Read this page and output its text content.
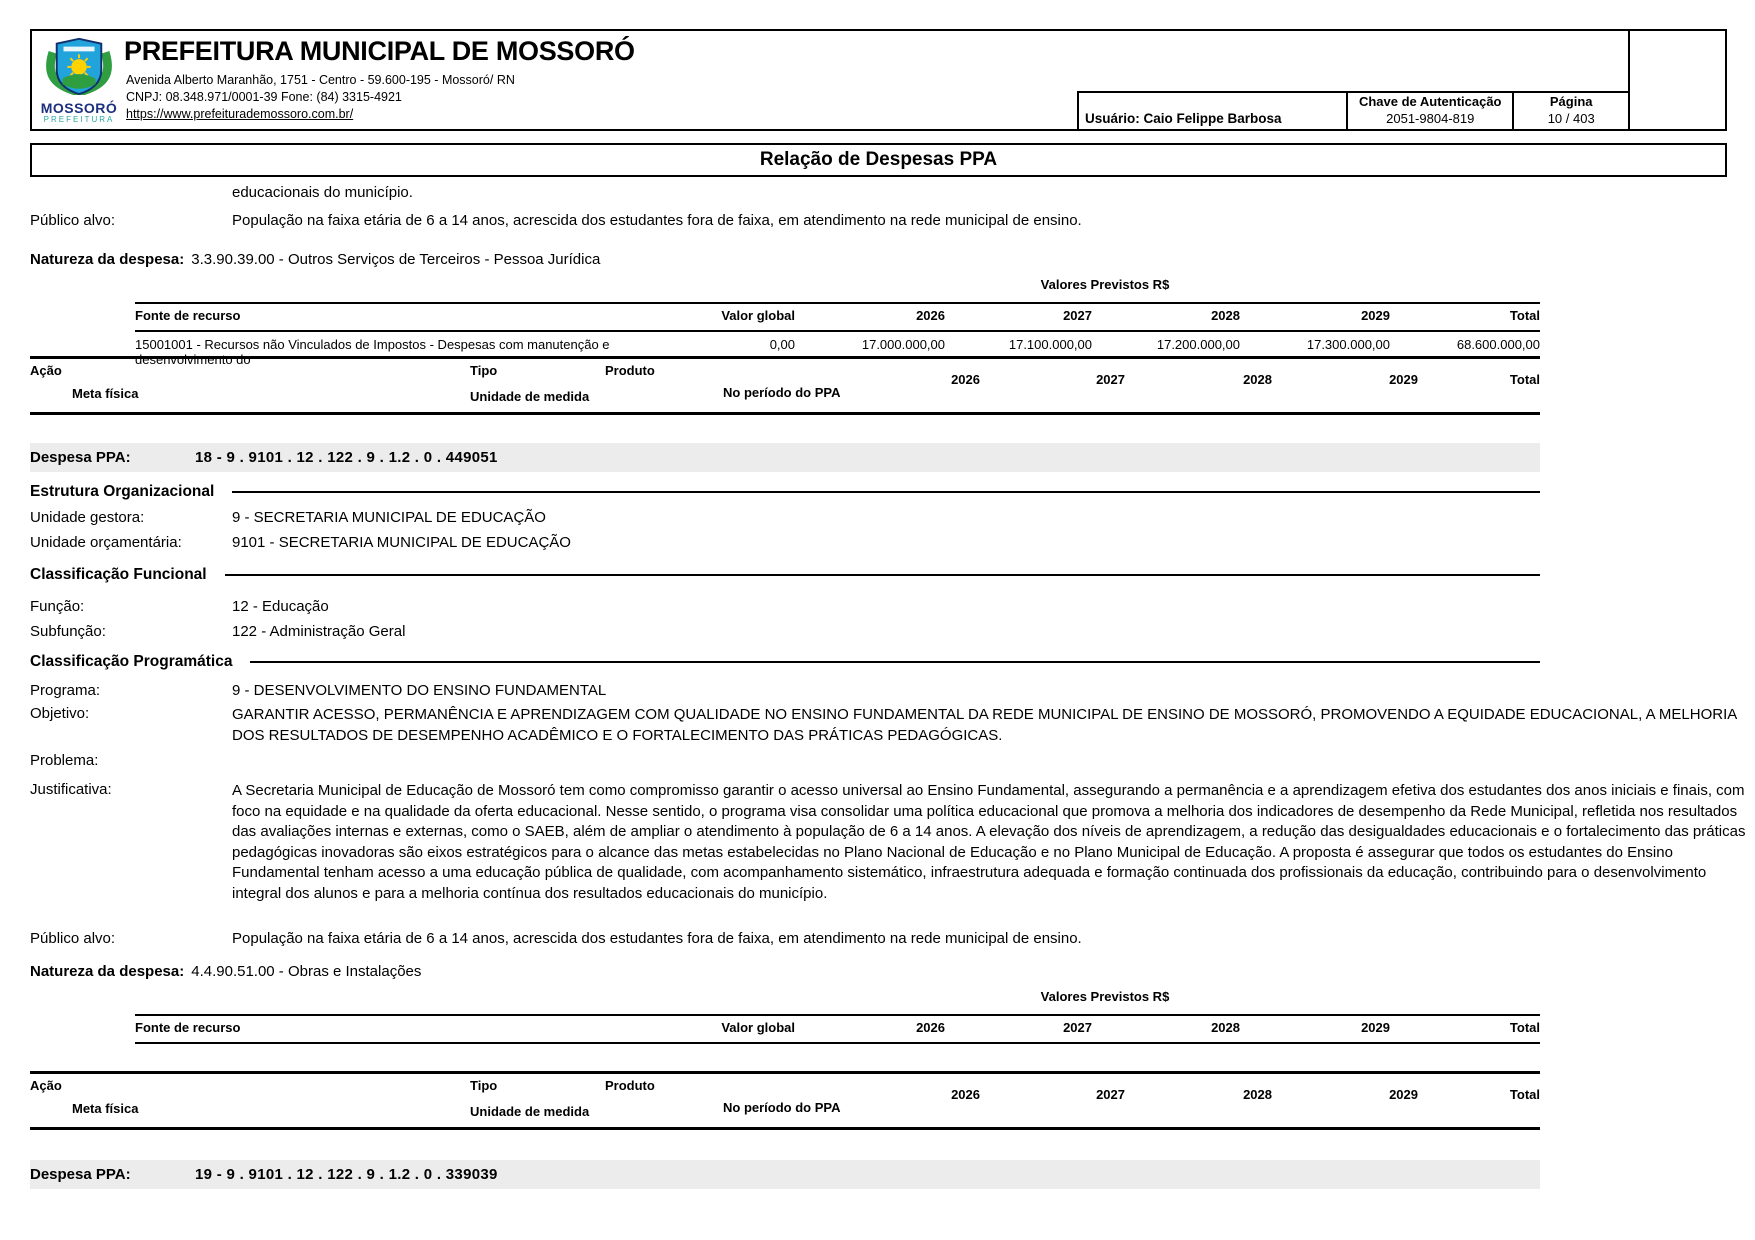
MOSSORÓ
PREFEITURA
PREFEITURA MUNICIPAL DE MOSSORÓ
Avenida Alberto Maranhão, 1751 - Centro - 59.600-195 - Mossoró/ RN
CNPJ: 08.348.971/0001-39 Fone: (84) 3315-4921
https://www.prefeiturademossoro.com.br/	Usuário: Caio Felippe Barbosa
Chave de Autenticação
2051-9804-819
Página
10 / 403
Relação de Despesas PPA
educacionais do município.
Público alvo:	População na faixa etária de 6 a 14 anos, acrescida dos estudantes fora de faixa, em atendimento na rede municipal de ensino.
Natureza da despesa: 3.3.90.39.00 - Outros Serviços de Terceiros - Pessoa Jurídica
Valores Previstos R$
Fonte de recurso	Valor global	2026	2027	2028	2029	Total
15001001 - Recursos não Vinculados de Impostos - Despesas com manutenção e desenvolvimento do
0,00	17.000.000,00	17.100.000,00	17.200.000,00	17.300.000,00	68.600.000,00
Ação	Tipo	Produto
2026	2027	2028	2029	Total
Meta física	Unidade de medida	No período do PPA
Despesa PPA:	18 - 9 . 9101 . 12 . 122 . 9 . 1.2 . 0 . 449051
Estrutura Organizacional
Unidade gestora:	9 - SECRETARIA MUNICIPAL DE EDUCAÇÃO
Unidade orçamentária:	9101 - SECRETARIA MUNICIPAL DE EDUCAÇÃO
Classificação Funcional
Função:	12 - Educação
Subfunção:	122 - Administração Geral
Classificação Programática
Programa:	9 - DESENVOLVIMENTO DO ENSINO FUNDAMENTAL
Objetivo:	GARANTIR ACESSO, PERMANÊNCIA E APRENDIZAGEM COM QUALIDADE NO ENSINO FUNDAMENTAL DA REDE MUNICIPAL DE ENSINO DE MOSSORÓ, PROMOVENDO A EQUIDADE EDUCACIONAL, A MELHORIA DOS RESULTADOS DE DESEMPENHO ACADÊMICO E O FORTALECIMENTO DAS PRÁTICAS PEDAGÓGICAS.
Problema:
Justificativa:	A Secretaria Municipal de Educação de Mossoró tem como compromisso garantir o acesso universal ao Ensino Fundamental, assegurando a permanência e a aprendizagem efetiva dos estudantes dos anos iniciais e finais, com foco na equidade e na qualidade da oferta educacional. Nesse sentido, o programa visa consolidar uma política educacional que promova a melhoria dos indicadores de desempenho da Rede Municipal, refletida nos resultados das avaliações internas e externas, como o SAEB, além de ampliar o atendimento à população de 6 a 14 anos. A elevação dos níveis de aprendizagem, a redução das desigualdades educacionais e o fortalecimento das práticas pedagógicas inovadoras são eixos estratégicos para o alcance das metas estabelecidas no Plano Nacional de Educação e no Plano Municipal de Educação. A proposta é assegurar que todos os estudantes do Ensino Fundamental tenham acesso a uma educação pública de qualidade, com acompanhamento sistemático, infraestrutura adequada e formação continuada dos profissionais da educação, contribuindo para o desenvolvimento integral dos alunos e para a melhoria contínua dos resultados educacionais do município.
Público alvo:	População na faixa etária de 6 a 14 anos, acrescida dos estudantes fora de faixa, em atendimento na rede municipal de ensino.
Natureza da despesa: 4.4.90.51.00 - Obras e Instalações
Valores Previstos R$
Fonte de recurso	Valor global	2026	2027	2028	2029	Total
Ação	Tipo	Produto
2026	2027	2028	2029	Total
Meta física	Unidade de medida	No período do PPA
Despesa PPA:	19 - 9 . 9101 . 12 . 122 . 9 . 1.2 . 0 . 339039
